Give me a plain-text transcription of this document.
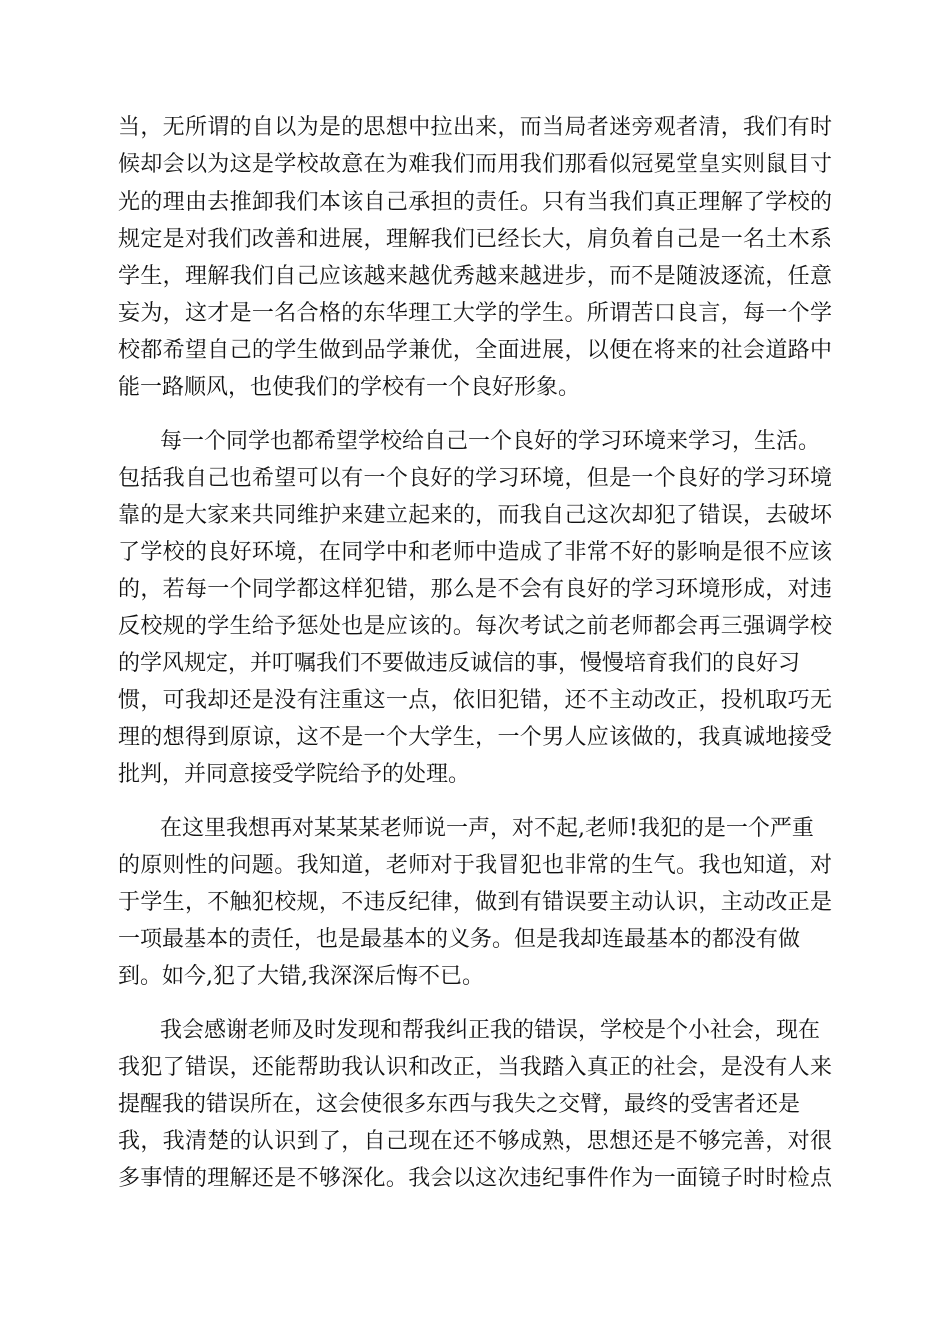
当，无所谓的自以为是的思想中拉出来，而当局者迷旁观者清，我们有时

候却会以为这是学校故意在为难我们而用我们那看似冠冕堂皇实则鼠目寸

光的理由去推卸我们本该自己承担的责任。只有当我们真正理解了学校的

规定是对我们改善和进展，理解我们已经长大，肩负着自己是一名土木系

学生，理解我们自己应该越来越优秀越来越进步，而不是随波逐流，任意

妄为，这才是一名合格的东华理工大学的学生。所谓苦口良言，每一个学

校都希望自己的学生做到品学兼优，全面进展，以便在将来的社会道路中

能一路顺风，也使我们的学校有一个良好形象。

每一个同学也都希望学校给自己一个良好的学习环境来学习，生活。

包括我自己也希望可以有一个良好的学习环境，但是一个良好的学习环境

靠的是大家来共同维护来建立起来的，而我自己这次却犯了错误，去破坏

了学校的良好环境，在同学中和老师中造成了非常不好的影响是很不应该

的，若每一个同学都这样犯错，那么是不会有良好的学习环境形成，对违

反校规的学生给予惩处也是应该的。每次考试之前老师都会再三强调学校

的学风规定，并叮嘱我们不要做违反诚信的事，慢慢培育我们的良好习

惯，可我却还是没有注重这一点，依旧犯错，还不主动改正，投机取巧无

理的想得到原谅，这不是一个大学生，一个男人应该做的，我真诚地接受

批判，并同意接受学院给予的处理。

在这里我想再对某某某老师说一声，对不起,老师!我犯的是一个严重

的原则性的问题。我知道，老师对于我冒犯也非常的生气。我也知道，对

于学生，不触犯校规，不违反纪律，做到有错误要主动认识，主动改正是

一项最基本的责任，也是最基本的义务。但是我却连最基本的都没有做

到。如今,犯了大错,我深深后悔不已。

我会感谢老师及时发现和帮我纠正我的错误，学校是个小社会，现在

我犯了错误，还能帮助我认识和改正，当我踏入真正的社会，是没有人来

提醒我的错误所在，这会使很多东西与我失之交臂，最终的受害者还是

我，我清楚的认识到了，自己现在还不够成熟，思想还是不够完善，对很

多事情的理解还是不够深化。我会以这次违纪事件作为一面镜子时时检点
